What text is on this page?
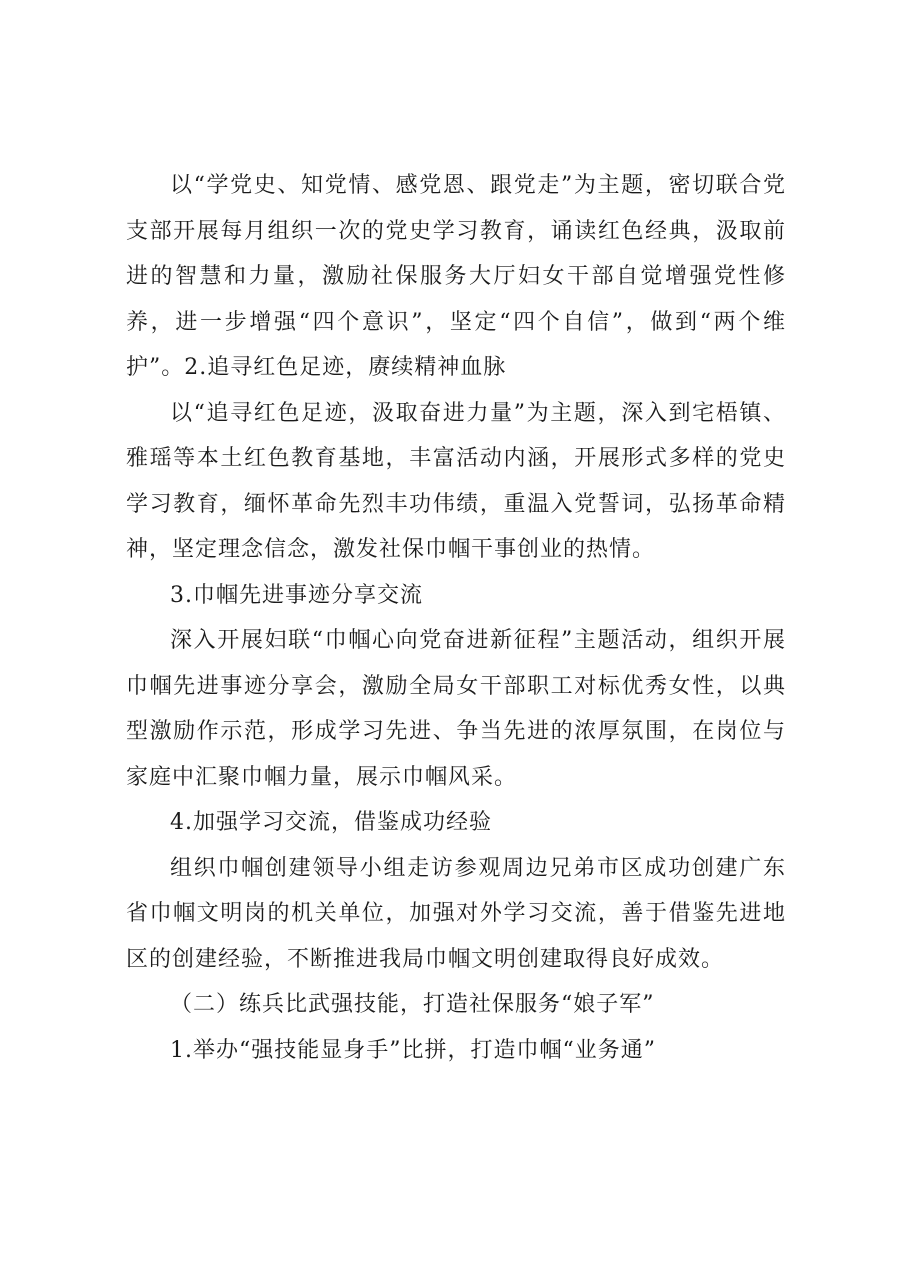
以“学党史、知党情、感党恩、跟党走”为主题，密切联合党支部开展每月组织一次的党史学习教育，诵读红色经典，汲取前进的智慧和力量，激励社保服务大厅妇女干部自觉增强党性修养，进一步增强“四个意识”，坚定“四个自信”，做到“两个维护”。2.追寻红色足迹，赓续精神血脉

以“追寻红色足迹，汲取奋进力量”为主题，深入到宅梧镇、雅瑶等本土红色教育基地，丰富活动内涵，开展形式多样的党史学习教育，缅怀革命先烈丰功伟绩，重温入党誓词，弘扬革命精神，坚定理念信念，激发社保巾帼干事创业的热情。

3.巾帼先进事迹分享交流

深入开展妇联“巾帼心向党奋进新征程”主题活动，组织开展巾帼先进事迹分享会，激励全局女干部职工对标优秀女性，以典型激励作示范，形成学习先进、争当先进的浓厚氛围，在岗位与家庭中汇聚巾帼力量，展示巾帼风采。

4.加强学习交流，借鉴成功经验

组织巾帼创建领导小组走访参观周边兄弟市区成功创建广东省巾帼文明岗的机关单位，加强对外学习交流，善于借鉴先进地区的创建经验，不断推进我局巾帼文明创建取得良好成效。

（二）练兵比武强技能，打造社保服务“娘子军”

1.举办“强技能显身手”比拼，打造巾帼“业务通”
